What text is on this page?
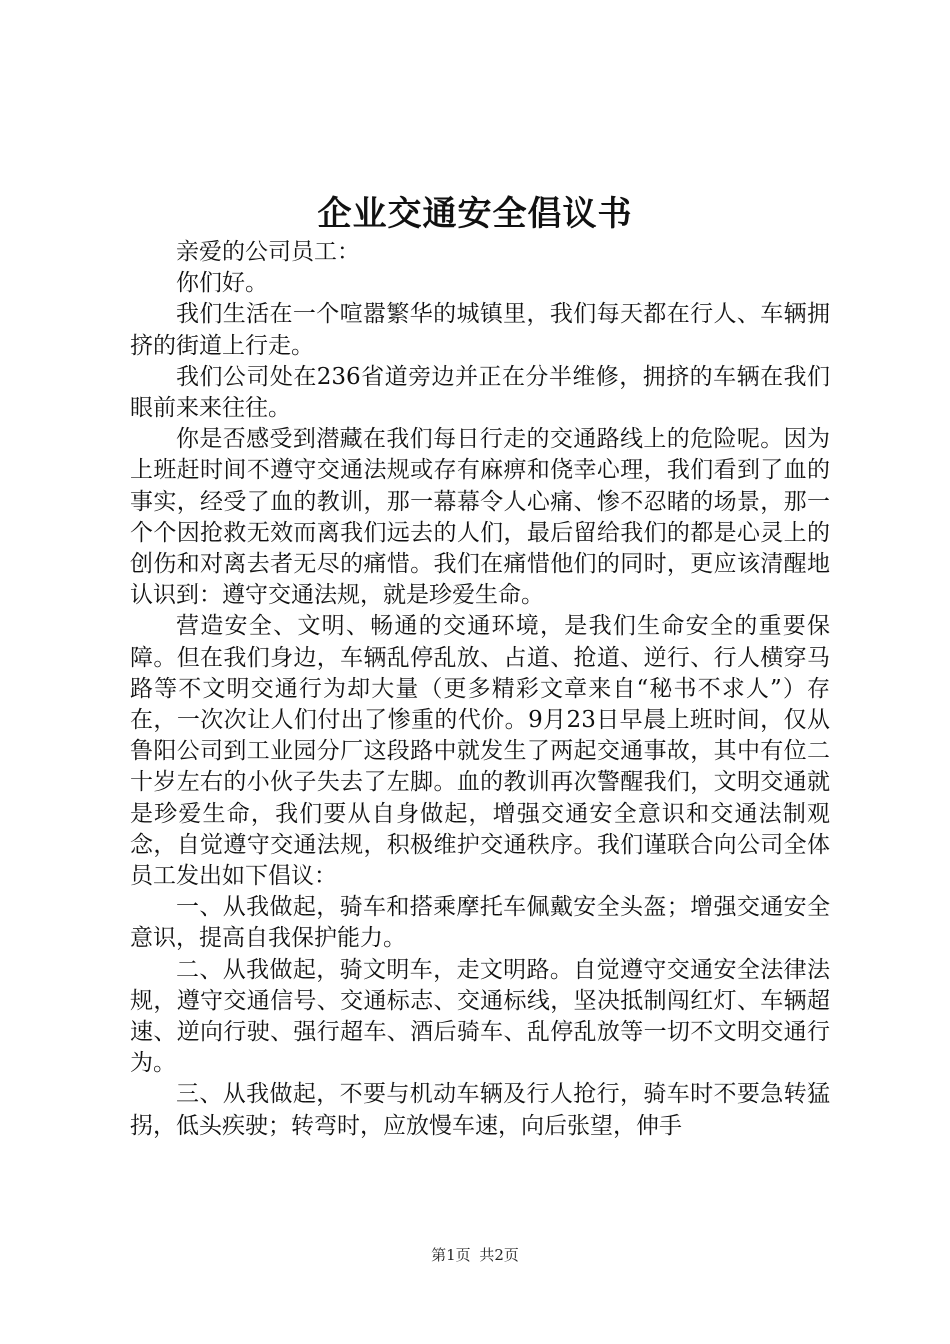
企业交通安全倡议书

亲爱的公司员工：

你们好。

我们生活在一个喧嚣繁华的城镇里，我们每天都在行人、车辆拥挤的街道上行走。

我们公司处在236省道旁边并正在分半维修，拥挤的车辆在我们眼前来来往往。

你是否感受到潜藏在我们每日行走的交通路线上的危险呢。因为上班赶时间不遵守交通法规或存有麻痹和侥幸心理，我们看到了血的事实，经受了血的教训，那一幕幕令人心痛、惨不忍睹的场景，那一个个因抢救无效而离我们远去的人们，最后留给我们的都是心灵上的创伤和对离去者无尽的痛惜。我们在痛惜他们的同时，更应该清醒地认识到：遵守交通法规，就是珍爱生命。

营造安全、文明、畅通的交通环境，是我们生命安全的重要保障。但在我们身边，车辆乱停乱放、占道、抢道、逆行、行人横穿马路等不文明交通行为却大量（更多精彩文章来自“秘书不求人”）存在，一次次让人们付出了惨重的代价。9月23日早晨上班时间，仅从鲁阳公司到工业园分厂这段路中就发生了两起交通事故，其中有位二十岁左右的小伙子失去了左脚。血的教训再次警醒我们，文明交通就是珍爱生命，我们要从自身做起，增强交通安全意识和交通法制观念，自觉遵守交通法规，积极维护交通秩序。我们谨联合向公司全体员工发出如下倡议：

一、从我做起，骑车和搭乘摩托车佩戴安全头盔；增强交通安全意识，提高自我保护能力。

二、从我做起，骑文明车，走文明路。自觉遵守交通安全法律法规，遵守交通信号、交通标志、交通标线，坚决抵制闯红灯、车辆超速、逆向行驶、强行超车、酒后骑车、乱停乱放等一切不文明交通行为。

三、从我做起，不要与机动车辆及行人抢行，骑车时不要急转猛拐，低头疾驶；转弯时，应放慢车速，向后张望，伸手

第1页 共2页
